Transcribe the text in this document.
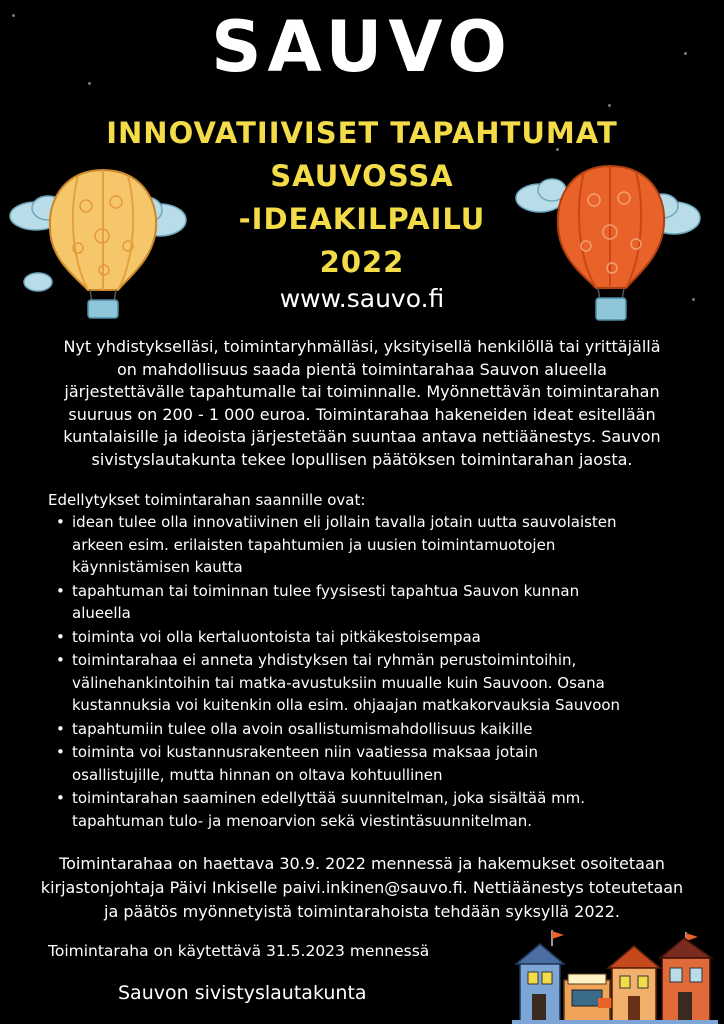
SAUVO
INNOVATIIVISET TAPAHTUMAT
SAUVOSSA
-IDEAKILPAILU
2022
www.sauvo.fi
Nyt yhdistykselläsi, toimintaryhmälläsi, yksityisellä henkilöllä tai yrittäjällä
on mahdollisuus saada pientä toimintarahaa Sauvon alueella
järjestettävälle tapahtumalle tai toiminnalle. Myönnettävän toimintarahan
suuruus on 200 - 1 000 euroa. Toimintarahaa hakeneiden ideat esitellään
kuntalaisille ja ideoista järjestetään suuntaa antava nettiäänestys. Sauvon
sivistyslautakunta tekee lopullisen päätöksen toimintarahan jaosta.
Edellytykset toimintarahan saannille ovat:
• idean tulee olla innovatiivinen eli jollain tavalla jotain uutta sauvolaisten
arkeen esim. erilaisten tapahtumien ja uusien toimintamuotojen
käynnistämisen kautta
• tapahtuman tai toiminnan tulee fyysisesti tapahtua Sauvon kunnan
alueella
• toiminta voi olla kertaluontoista tai pitkäkestoisempaa
• toimintarahaa ei anneta yhdistyksen tai ryhmän perustoimintoihin,
välinehankintoihin tai matka-avustuksiin muualle kuin Sauvoon. Osana
kustannuksia voi kuitenkin olla esim. ohjaajan matkakorvauksia Sauvoon
• tapahtumiin tulee olla avoin osallistumismahdollisuus kaikille
• toiminta voi kustannusrakenteen niin vaatiessa maksaa jotain
osallistujille, mutta hinnan on oltava kohtuullinen
• toimintarahan saaminen edellyttää suunnitelman, joka sisältää mm.
tapahtuman tulo- ja menoarvion sekä viestintäsuunnitelman.
Toimintarahaa on haettava 30.9. 2022 mennessä ja hakemukset osoitetaan
kirjastonjohtaja Päivi Inkiselle paivi.inkinen@sauvo.fi. Nettiäänestys toteutetaan
ja päätös myönnetyistä toimintarahoista tehdään syksyllä 2022.
Toimintaraha on käytettävä 31.5.2023 mennessä
Sauvon sivistyslautakunta
